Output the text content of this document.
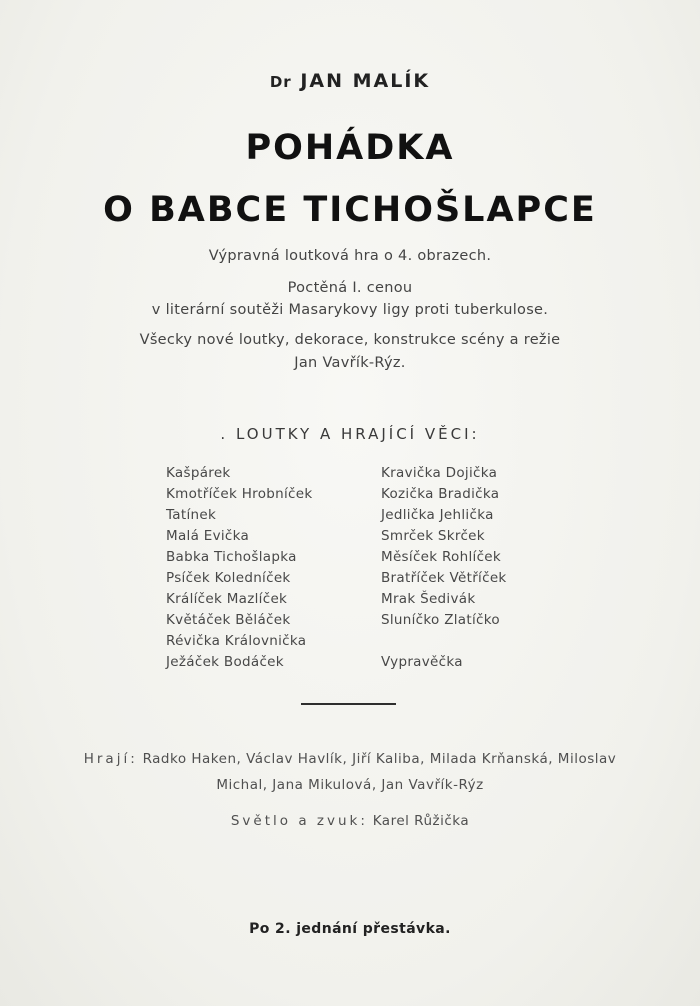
Dr JAN MALÍK
POHÁDKA
O BABCE TICHOŠLAPCE
Výpravná loutková hra o 4. obrazech.
Poctěná I. cenou
v literární soutěži Masarykovy ligy proti tuberkulose.
Všecky nové loutky, dekorace, konstrukce scény a režie
Jan Vavřík-Rýz.
. LOUTKY A HRAJÍCÍ VĚCI:
Kašpárek
Kmotříček Hrobníček
Tatínek
Malá Evička
Babka Tichošlapka
Psíček Koledníček
Králíček Mazlíček
Květáček Běláček
Révička Královnička
Ježáček Bodáček
Kravička Dojička
Kozička Bradička
Jedlička Jehlička
Smrček Skrček
Měsíček Rohlíček
Bratříček Větříček
Mrak Šedivák
Sluníčko Zlatíčko
Vypravěčka
Hrají: Radko Haken, Václav Havlík, Jiří Kaliba, Milada Krňanská, Miloslav
Michal, Jana Mikulová, Jan Vavřík-Rýz
Světlo a zvuk: Karel Růžička
Po 2. jednání přestávka.
